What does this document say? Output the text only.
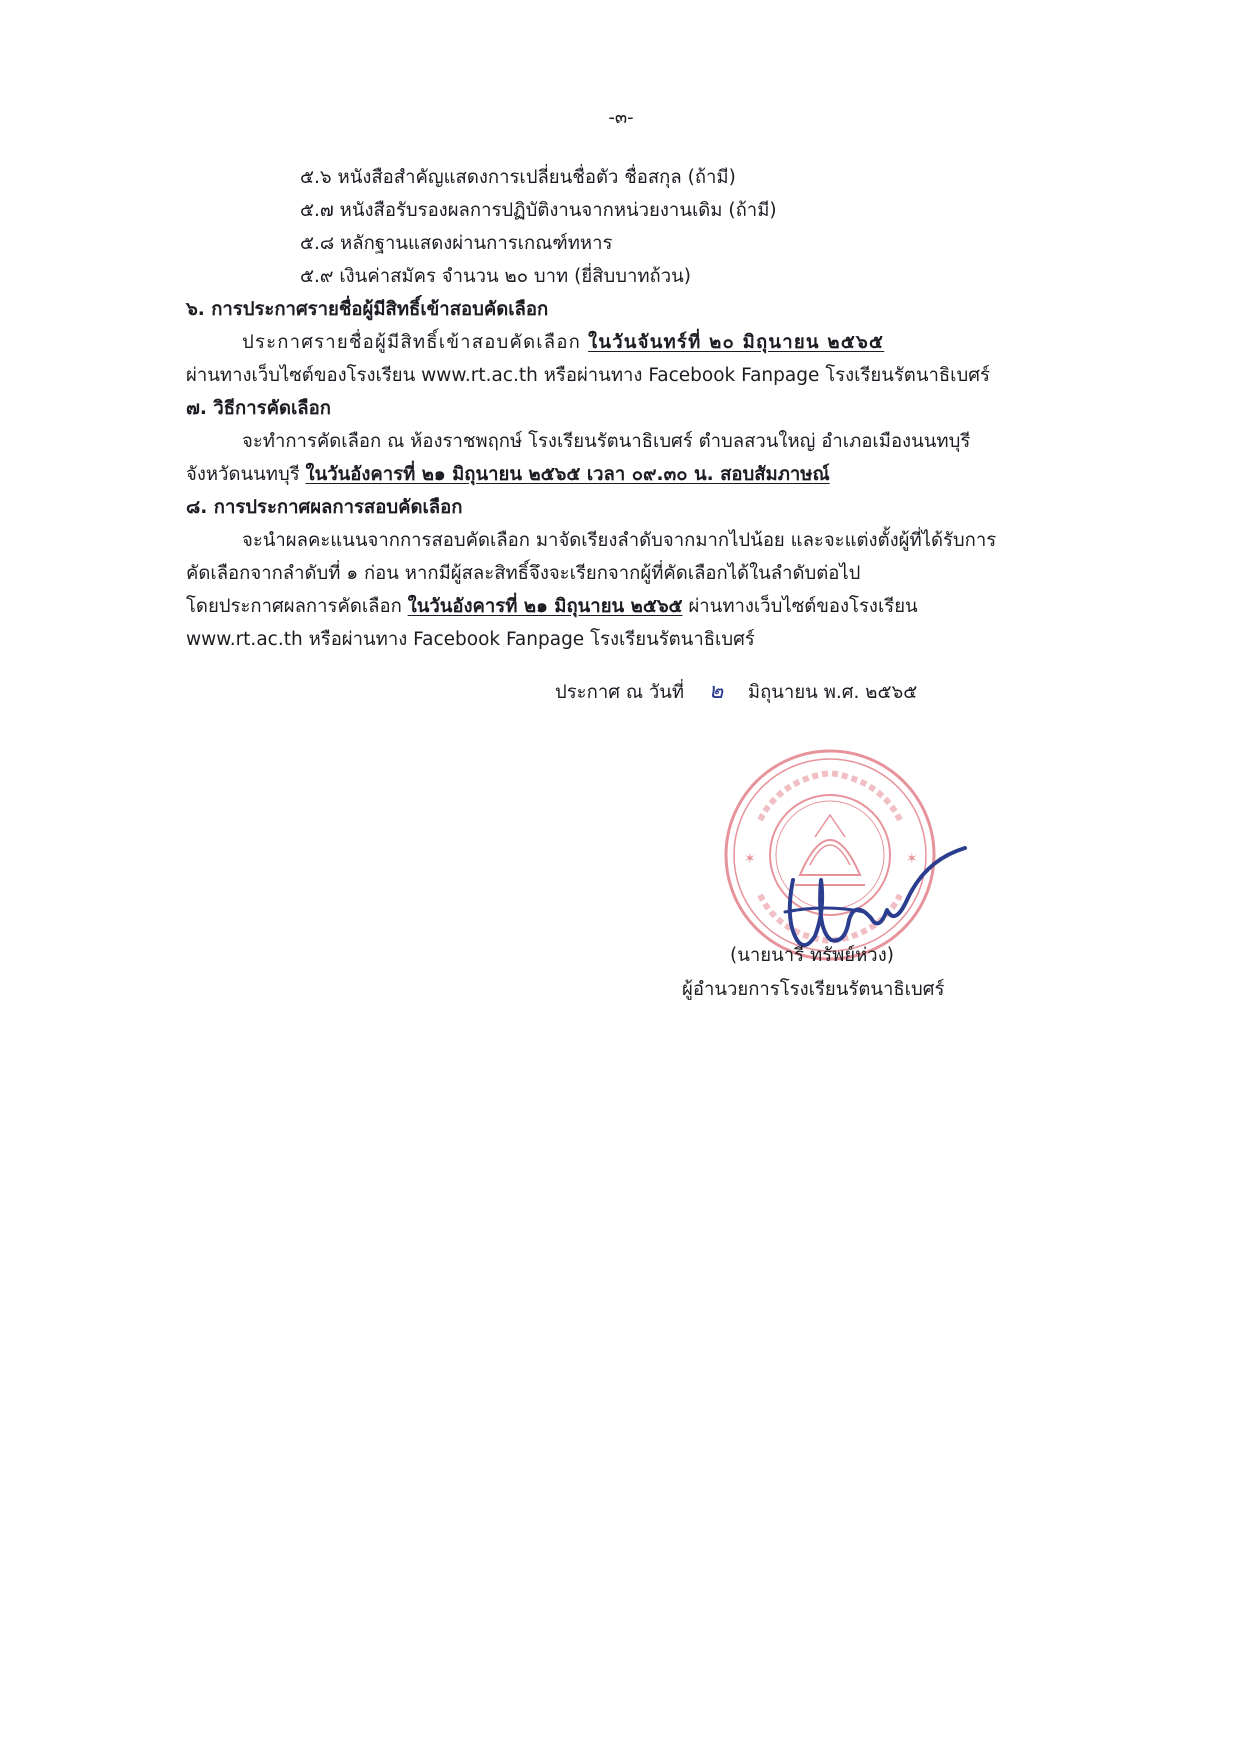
-๓-
๕.๖ หนังสือสำคัญแสดงการเปลี่ยนชื่อตัว ชื่อสกุล (ถ้ามี)
๕.๗ หนังสือรับรองผลการปฏิบัติงานจากหน่วยงานเดิม (ถ้ามี)
๕.๘ หลักฐานแสดงผ่านการเกณฑ์ทหาร
๕.๙ เงินค่าสมัคร จำนวน ๒๐ บาท (ยี่สิบบาทถ้วน)
๖. การประกาศรายชื่อผู้มีสิทธิ์เข้าสอบคัดเลือก
ประกาศรายชื่อผู้มีสิทธิ์เข้าสอบคัดเลือก ในวันจันทร์ที่ ๒๐ มิถุนายน ๒๕๖๕
ผ่านทางเว็บไซต์ของโรงเรียน www.rt.ac.th หรือผ่านทาง Facebook Fanpage โรงเรียนรัตนาธิเบศร์
๗. วิธีการคัดเลือก
จะทำการคัดเลือก ณ ห้องราชพฤกษ์ โรงเรียนรัตนาธิเบศร์ ตำบลสวนใหญ่ อำเภอเมืองนนทบุรี
จังหวัดนนทบุรี ในวันอังคารที่ ๒๑ มิถุนายน ๒๕๖๕ เวลา ๐๙.๓๐ น. สอบสัมภาษณ์
๘. การประกาศผลการสอบคัดเลือก
จะนำผลคะแนนจากการสอบคัดเลือก มาจัดเรียงลำดับจากมากไปน้อย และจะแต่งตั้งผู้ที่ได้รับการ
คัดเลือกจากลำดับที่ ๑ ก่อน หากมีผู้สละสิทธิ์จึงจะเรียกจากผู้ที่คัดเลือกได้ในลำดับต่อไป
โดยประกาศผลการคัดเลือก ในวันอังคารที่ ๒๑ มิถุนายน ๒๕๖๕ ผ่านทางเว็บไซต์ของโรงเรียน
www.rt.ac.th หรือผ่านทาง Facebook Fanpage โรงเรียนรัตนาธิเบศร์
✶	✶
ประกาศ ณ วันที่ ๒ มิถุนายน พ.ศ. ๒๕๖๕
(นายนารี ทรัพย์ห่วง)
ผู้อำนวยการโรงเรียนรัตนาธิเบศร์
